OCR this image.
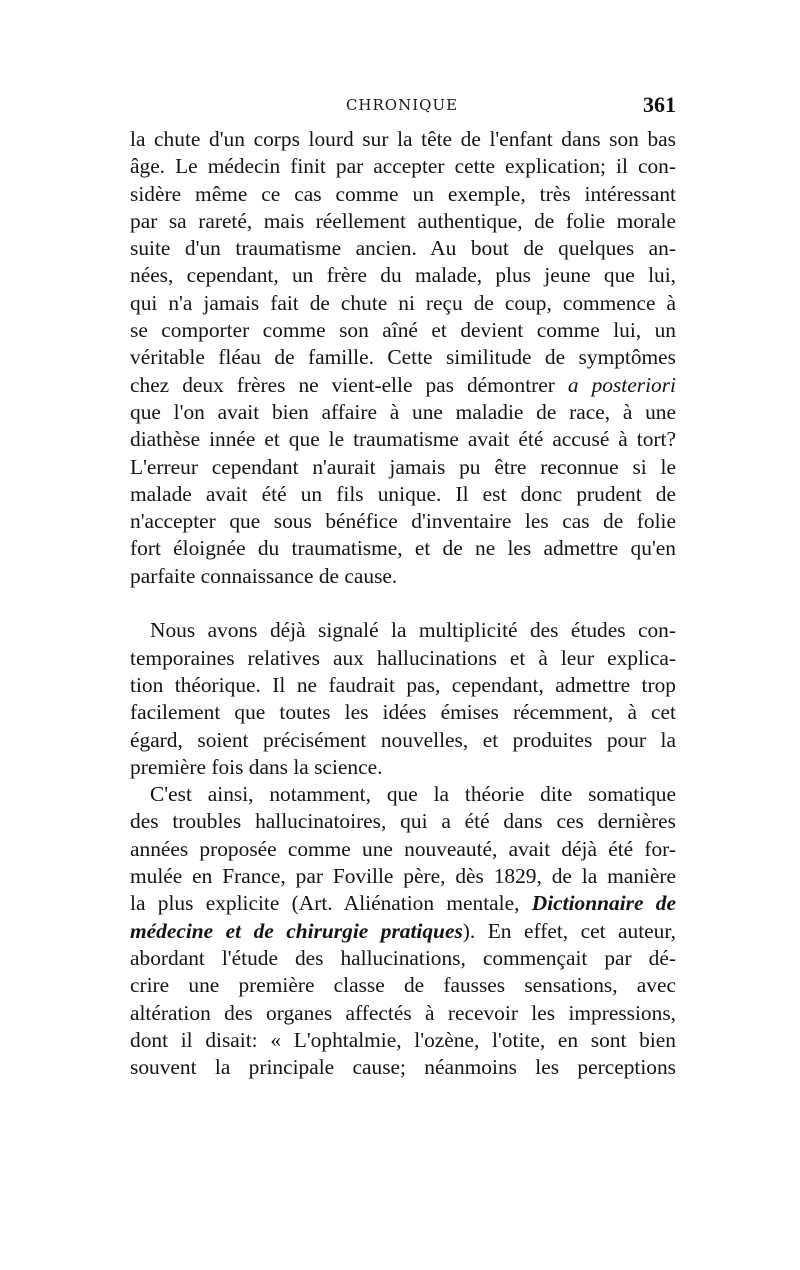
CHRONIQUE	361
la chute d'un corps lourd sur la tête de l'enfant dans son bas
âge. Le médecin finit par accepter cette explication; il con-
sidère même ce cas comme un exemple, très intéressant
par sa rareté, mais réellement authentique, de folie morale
suite d'un traumatisme ancien. Au bout de quelques an-
nées, cependant, un frère du malade, plus jeune que lui,
qui n'a jamais fait de chute ni reçu de coup, commence à
se comporter comme son aîné et devient comme lui, un
véritable fléau de famille. Cette similitude de symptômes
chez deux frères ne vient-elle pas démontrer a posteriori
que l'on avait bien affaire à une maladie de race, à une
diathèse innée et que le traumatisme avait été accusé à tort?
L'erreur cependant n'aurait jamais pu être reconnue si le
malade avait été un fils unique. Il est donc prudent de
n'accepter que sous bénéfice d'inventaire les cas de folie
fort éloignée du traumatisme, et de ne les admettre qu'en
parfaite connaissance de cause.
Nous avons déjà signalé la multiplicité des études con-
temporaines relatives aux hallucinations et à leur explica-
tion théorique. Il ne faudrait pas, cependant, admettre trop
facilement que toutes les idées émises récemment, à cet
égard, soient précisément nouvelles, et produites pour la
première fois dans la science.
C'est ainsi, notamment, que la théorie dite somatique
des troubles hallucinatoires, qui a été dans ces dernières
années proposée comme une nouveauté, avait déjà été for-
mulée en France, par Foville père, dès 1829, de la manière
la plus explicite (Art. Aliénation mentale, Dictionnaire de
médecine et de chirurgie pratiques). En effet, cet auteur,
abordant l'étude des hallucinations, commençait par dé-
crire une première classe de fausses sensations, avec
altération des organes affectés à recevoir les impressions,
dont il disait: « L'ophtalmie, l'ozène, l'otite, en sont bien
souvent la principale cause; néanmoins les perceptions
